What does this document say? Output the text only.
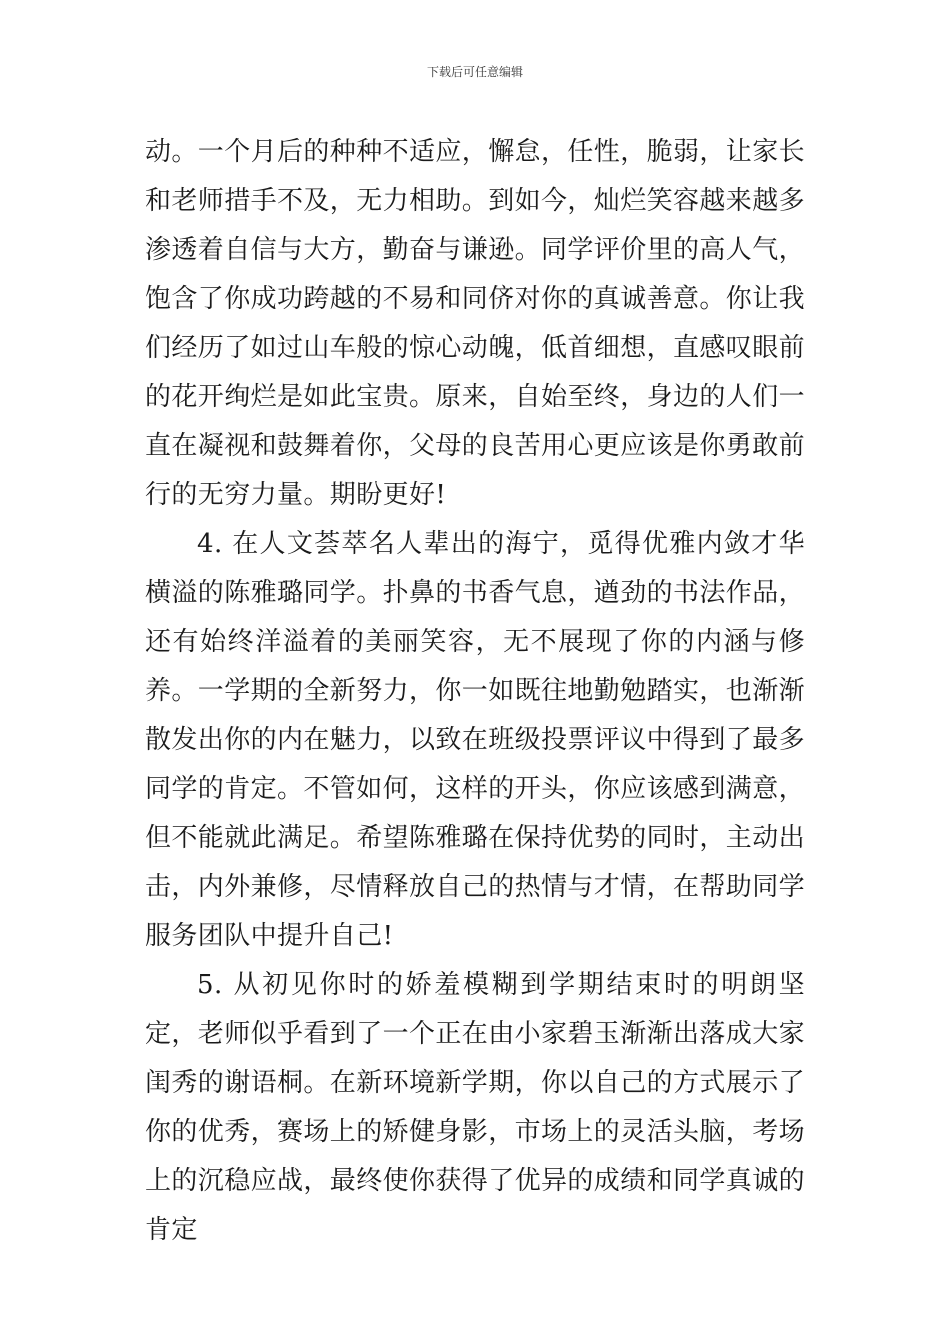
下载后可任意编辑

动。一个月后的种种不适应，懈怠，任性，脆弱，让家长和老师措手不及，无力相助。到如今，灿烂笑容越来越多渗透着自信与大方，勤奋与谦逊。同学评价里的高人气，饱含了你成功跨越的不易和同侪对你的真诚善意。你让我们经历了如过山车般的惊心动魄，低首细想，直感叹眼前的花开绚烂是如此宝贵。原来，自始至终，身边的人们一直在凝视和鼓舞着你，父母的良苦用心更应该是你勇敢前行的无穷力量。期盼更好!

4. 在人文荟萃名人辈出的海宁，觅得优雅内敛才华横溢的陈雅璐同学。扑鼻的书香气息，遒劲的书法作品，还有始终洋溢着的美丽笑容，无不展现了你的内涵与修养。一学期的全新努力，你一如既往地勤勉踏实，也渐渐散发出你的内在魅力，以致在班级投票评议中得到了最多同学的肯定。不管如何，这样的开头，你应该感到满意，但不能就此满足。希望陈雅璐在保持优势的同时，主动出击，内外兼修，尽情释放自己的热情与才情，在帮助同学服务团队中提升自己!

5. 从初见你时的娇羞模糊到学期结束时的明朗坚定，老师似乎看到了一个正在由小家碧玉渐渐出落成大家闺秀的谢语桐。在新环境新学期，你以自己的方式展示了你的优秀，赛场上的矫健身影，市场上的灵活头脑，考场上的沉稳应战，最终使你获得了优异的成绩和同学真诚的肯定
